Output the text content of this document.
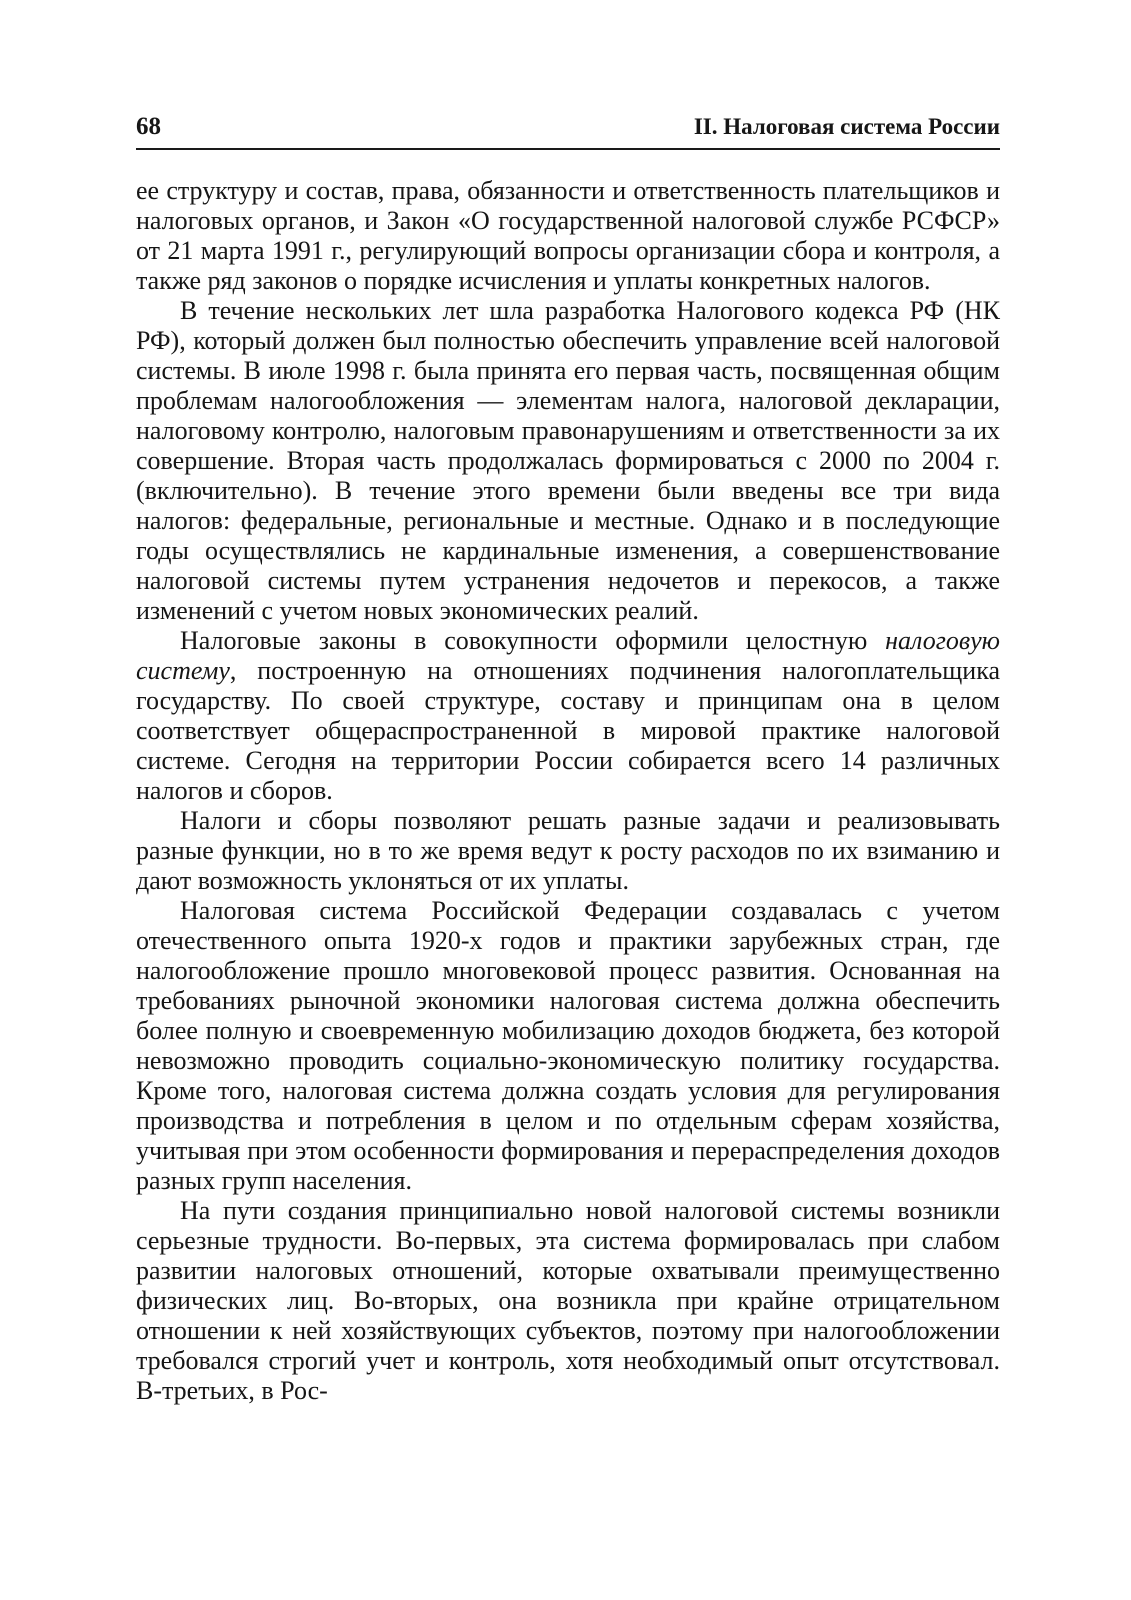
68	II. Налоговая система России

ее структуру и состав, права, обязанности и ответственность плательщиков и налоговых органов, и Закон «О государственной налоговой службе РСФСР» от 21 марта 1991 г., регулирующий вопросы организации сбора и контроля, а также ряд законов о порядке исчисления и уплаты конкретных налогов.

В течение нескольких лет шла разработка Налогового кодекса РФ (НК РФ), который должен был полностью обеспечить управление всей налоговой системы. В июле 1998 г. была принята его первая часть, посвященная общим проблемам налогообложения — элементам налога, налоговой декларации, налоговому контролю, налоговым правонарушениям и ответственности за их совершение. Вторая часть продолжалась формироваться с 2000 по 2004 г. (включительно). В течение этого времени были введены все три вида налогов: федеральные, региональные и местные. Однако и в последующие годы осуществлялись не кардинальные изменения, а совершенствование налоговой системы путем устранения недочетов и перекосов, а также изменений с учетом новых экономических реалий.

Налоговые законы в совокупности оформили целостную налоговую систему, построенную на отношениях подчинения налогоплательщика государству. По своей структуре, составу и принципам она в целом соответствует общераспространенной в мировой практике налоговой системе. Сегодня на территории России собирается всего 14 различных налогов и сборов.

Налоги и сборы позволяют решать разные задачи и реализовывать разные функции, но в то же время ведут к росту расходов по их взиманию и дают возможность уклоняться от их уплаты.

Налоговая система Российской Федерации создавалась с учетом отечественного опыта 1920-х годов и практики зарубежных стран, где налогообложение прошло многовековой процесс развития. Основанная на требованиях рыночной экономики налоговая система должна обеспечить более полную и своевременную мобилизацию доходов бюджета, без которой невозможно проводить социально-экономическую политику государства. Кроме того, налоговая система должна создать условия для регулирования производства и потребления в целом и по отдельным сферам хозяйства, учитывая при этом особенности формирования и перераспределения доходов разных групп населения.

На пути создания принципиально новой налоговой системы возникли серьезные трудности. Во-первых, эта система формировалась при слабом развитии налоговых отношений, которые охватывали преимущественно физических лиц. Во-вторых, она возникла при крайне отрицательном отношении к ней хозяйствующих субъектов, поэтому при налогообложении требовался строгий учет и контроль, хотя необходимый опыт отсутствовал. В-третьих, в Рос-
